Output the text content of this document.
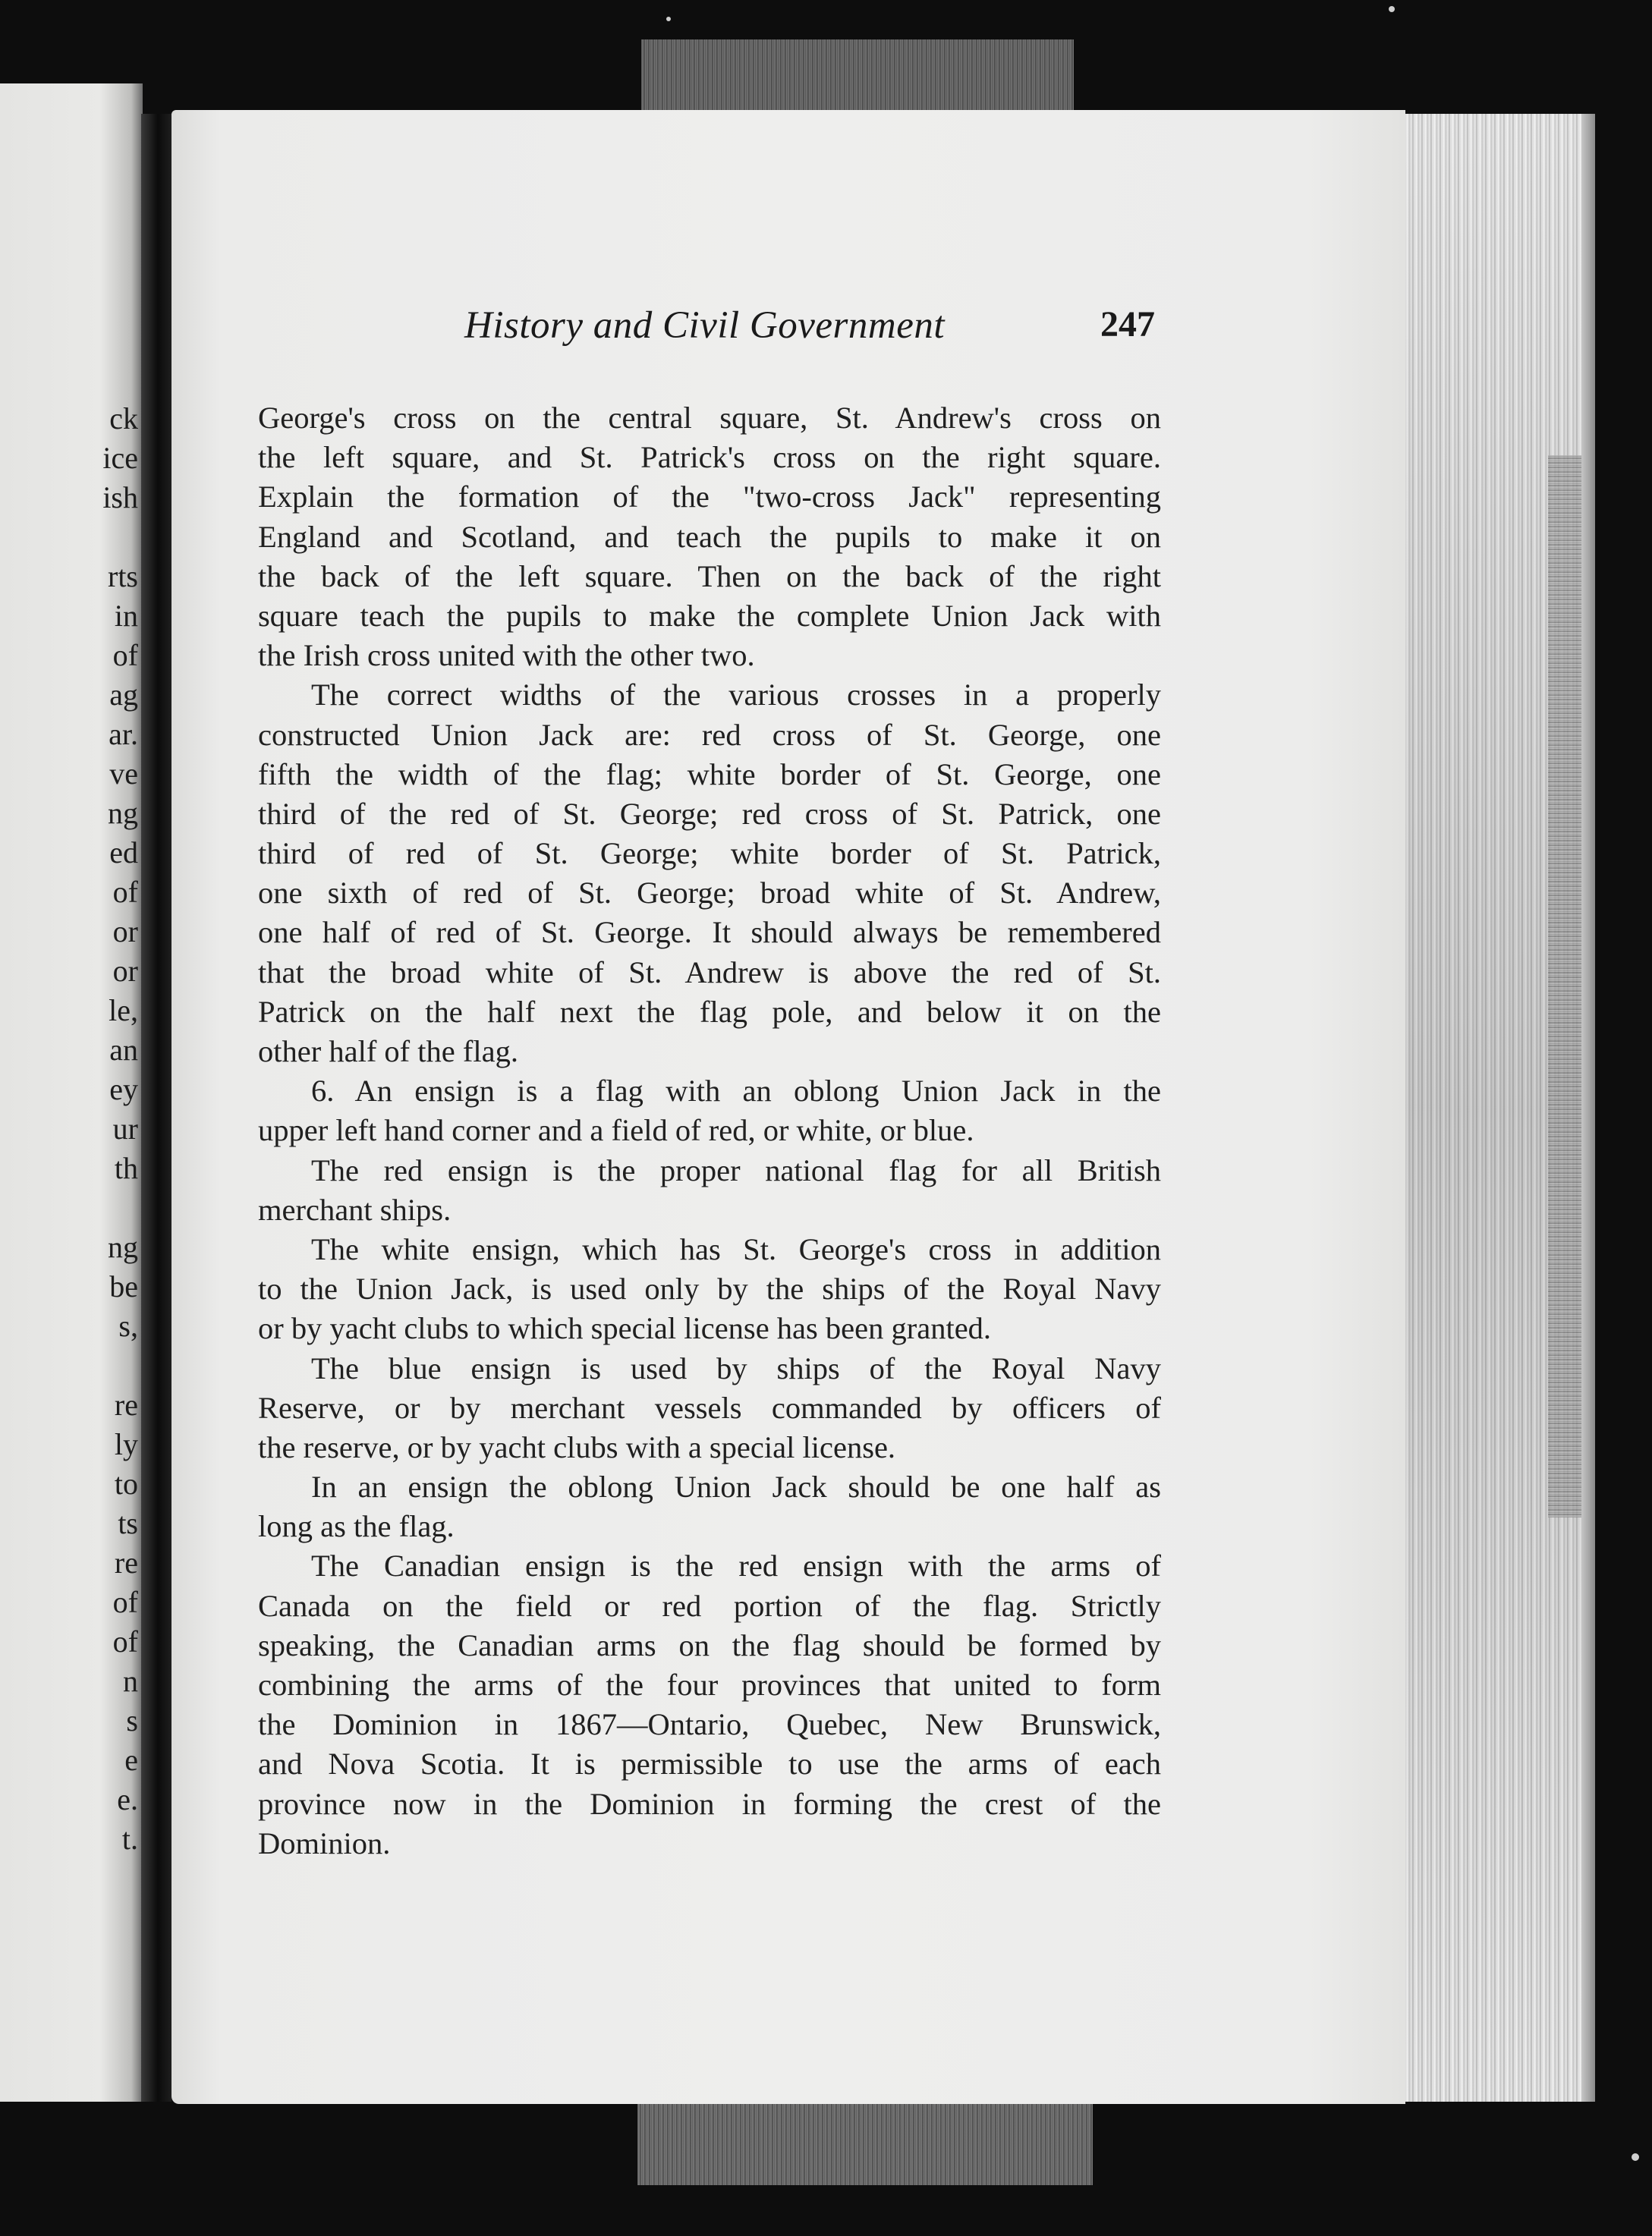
ck
ice
ish
rts
in
of
ag
ar.
ve
ng
ed
of
or
or
le,
an
ey
ur
th
ng
be
s,
re
ly
to
ts
re
of
of
n
s
e
e.
t.
History and Civil Government	247
George's cross on the central square, St. Andrew's cross on
the left square, and St. Patrick's cross on the right square.
Explain the formation of the "two-cross Jack" representing
England and Scotland, and teach the pupils to make it on
the back of the left square. Then on the back of the right
square teach the pupils to make the complete Union Jack with
the Irish cross united with the other two.
The correct widths of the various crosses in a properly
constructed Union Jack are: red cross of St. George, one
fifth the width of the flag; white border of St. George, one
third of the red of St. George; red cross of St. Patrick, one
third of red of St. George; white border of St. Patrick,
one sixth of red of St. George; broad white of St. Andrew,
one half of red of St. George. It should always be remembered
that the broad white of St. Andrew is above the red of St.
Patrick on the half next the flag pole, and below it on the
other half of the flag.
6. An ensign is a flag with an oblong Union Jack in the
upper left hand corner and a field of red, or white, or blue.
The red ensign is the proper national flag for all British
merchant ships.
The white ensign, which has St. George's cross in addition
to the Union Jack, is used only by the ships of the Royal Navy
or by yacht clubs to which special license has been granted.
The blue ensign is used by ships of the Royal Navy
Reserve, or by merchant vessels commanded by officers of
the reserve, or by yacht clubs with a special license.
In an ensign the oblong Union Jack should be one half as
long as the flag.
The Canadian ensign is the red ensign with the arms of
Canada on the field or red portion of the flag. Strictly
speaking, the Canadian arms on the flag should be formed by
combining the arms of the four provinces that united to form
the Dominion in 1867—Ontario, Quebec, New Brunswick,
and Nova Scotia. It is permissible to use the arms of each
province now in the Dominion in forming the crest of the
Dominion.
